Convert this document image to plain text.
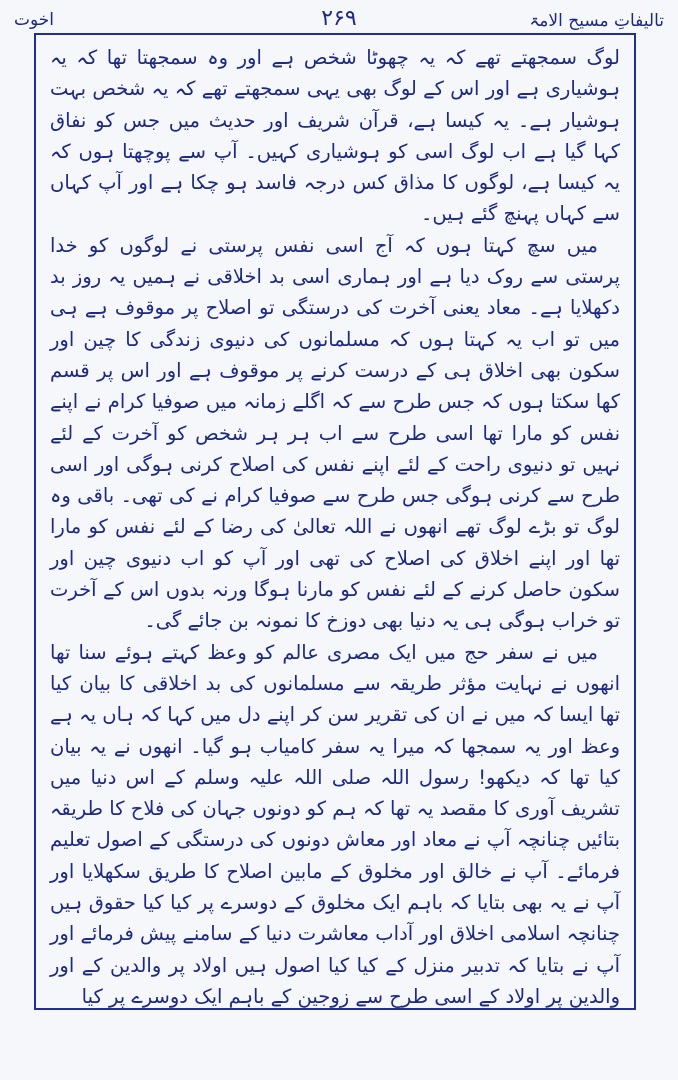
تالیفاتِ مسیح الامۃ
۲۶۹
اخوت

لوگ سمجھتے تھے کہ یہ چھوٹا شخص ہے اور وہ سمجھتا تھا کہ یہ ہوشیاری ہے اور اس کے لوگ بھی یہی سمجھتے تھے کہ یہ شخص بہت ہوشیار ہے۔ یہ کیسا ہے، قرآن شریف اور حدیث میں جس کو نفاق کہا گیا ہے اب لوگ اسی کو ہوشیاری کہیں۔ آپ سے پوچھتا ہوں کہ یہ کیسا ہے، لوگوں کا مذاق کس درجہ فاسد ہو چکا ہے اور آپ کہاں سے کہاں پہنچ گئے ہیں۔

میں سچ کہتا ہوں کہ آج اسی نفس پرستی نے لوگوں کو خدا پرستی سے روک دیا ہے اور ہماری اسی بد اخلاقی نے ہمیں یہ روز بد دکھلایا ہے۔ معاد یعنی آخرت کی درستگی تو اصلاح پر موقوف ہے ہی میں تو اب یہ کہتا ہوں کہ مسلمانوں کی دنیوی زندگی کا چین اور سکون بھی اخلاق ہی کے درست کرنے پر موقوف ہے اور اس پر قسم کھا سکتا ہوں کہ جس طرح سے کہ اگلے زمانہ میں صوفیا کرام نے اپنے نفس کو مارا تھا اسی طرح سے اب ہر ہر شخص کو آخرت کے لئے نہیں تو دنیوی راحت کے لئے اپنے نفس کی اصلاح کرنی ہوگی اور اسی طرح سے کرنی ہوگی جس طرح سے صوفیا کرام نے کی تھی۔ باقی وہ لوگ تو بڑے لوگ تھے انھوں نے اللہ تعالیٰ کی رضا کے لئے نفس کو مارا تھا اور اپنے اخلاق کی اصلاح کی تھی اور آپ کو اب دنیوی چین اور سکون حاصل کرنے کے لئے نفس کو مارنا ہوگا ورنہ بدوں اس کے آخرت تو خراب ہوگی ہی یہ دنیا بھی دوزخ کا نمونہ بن جائے گی۔

میں نے سفر حج میں ایک مصری عالم کو وعظ کہتے ہوئے سنا تھا انھوں نے نہایت مؤثر طریقہ سے مسلمانوں کی بد اخلاقی کا بیان کیا تھا ایسا کہ میں نے ان کی تقریر سن کر اپنے دل میں کہا کہ ہاں یہ ہے وعظ اور یہ سمجھا کہ میرا یہ سفر کامیاب ہو گیا۔ انھوں نے یہ بیان کیا تھا کہ دیکھو! رسول اللہ صلی اللہ علیہ وسلم کے اس دنیا میں تشریف آوری کا مقصد یہ تھا کہ ہم کو دونوں جہان کی فلاح کا طریقہ بتائیں چنانچہ آپ نے معاد اور معاش دونوں کی درستگی کے اصول تعلیم فرمائے۔ آپ نے خالق اور مخلوق کے مابین اصلاح کا طریق سکھلایا اور آپ نے یہ بھی بتایا کہ باہم ایک مخلوق کے دوسرے پر کیا کیا حقوق ہیں چنانچہ اسلامی اخلاق اور آداب معاشرت دنیا کے سامنے پیش فرمائے اور آپ نے بتایا کہ تدبیر منزل کے کیا کیا اصول ہیں اولاد پر والدین کے اور والدین پر اولاد کے اسی طرح سے زوجین کے باہم ایک دوسرے پر کیا
